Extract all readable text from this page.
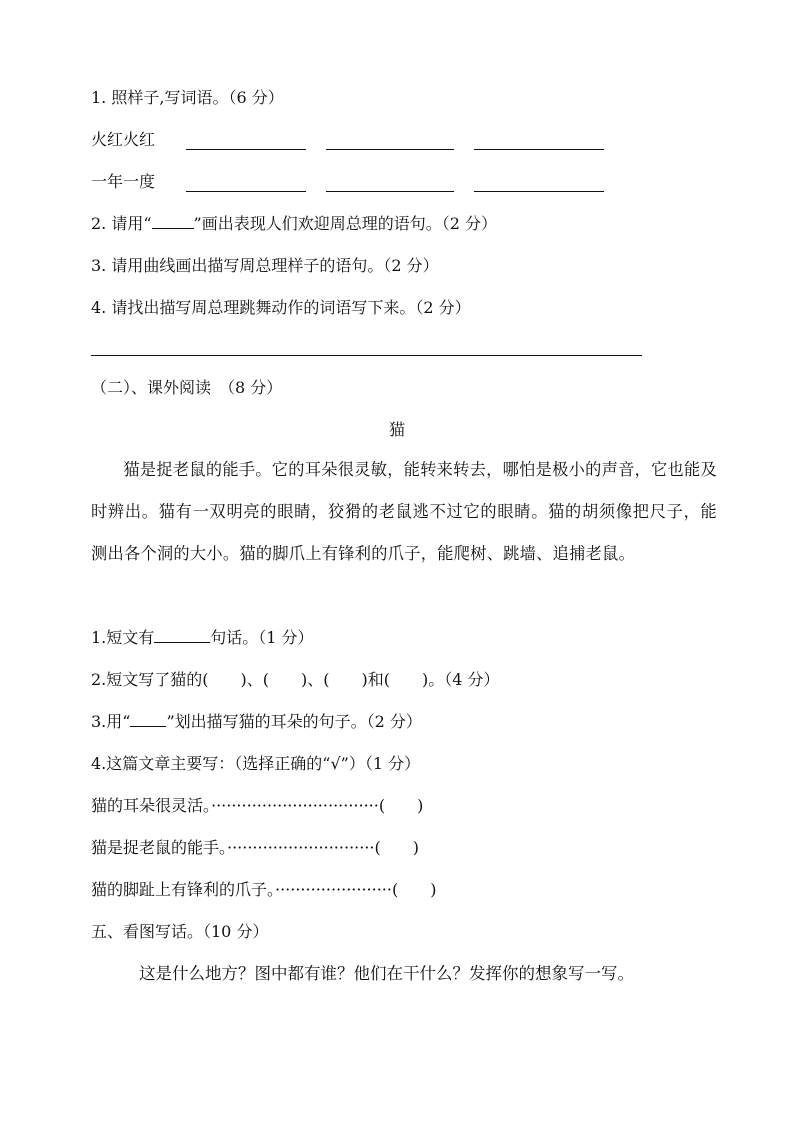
1. 照样子,写词语。（6 分）
火红火红
一年一度
2. 请用“	”画出表现人们欢迎周总理的语句。（2 分）
3. 请用曲线画出描写周总理样子的语句。（2 分）
4. 请找出描写周总理跳舞动作的词语写下来。（2 分）
（二）、课外阅读　（8 分）
猫
猫是捉老鼠的能手。它的耳朵很灵敏，能转来转去，哪怕是极小的声音，它也能及时辨出。猫有一双明亮的眼睛，狡猾的老鼠逃不过它的眼睛。猫的胡须像把尺子，能测出各个洞的大小。猫的脚爪上有锋利的爪子，能爬树、跳墙、追捕老鼠。
1.短文有	句话。（1 分）
2.短文写了猫的(　　)、(　　)、(　　)和(　　)。（4 分）
3.用“ ”划出描写猫的耳朵的句子。（2 分）
4.这篇文章主要写：（选择正确的“√”）（1 分）
猫的耳朵很灵活。·································(　　)
猫是捉老鼠的能手。·····························(　　)
猫的脚趾上有锋利的爪子。·······················(　　)
五、看图写话。（10 分）
这是什么地方？图中都有谁？他们在干什么？发挥你的想象写一写。
